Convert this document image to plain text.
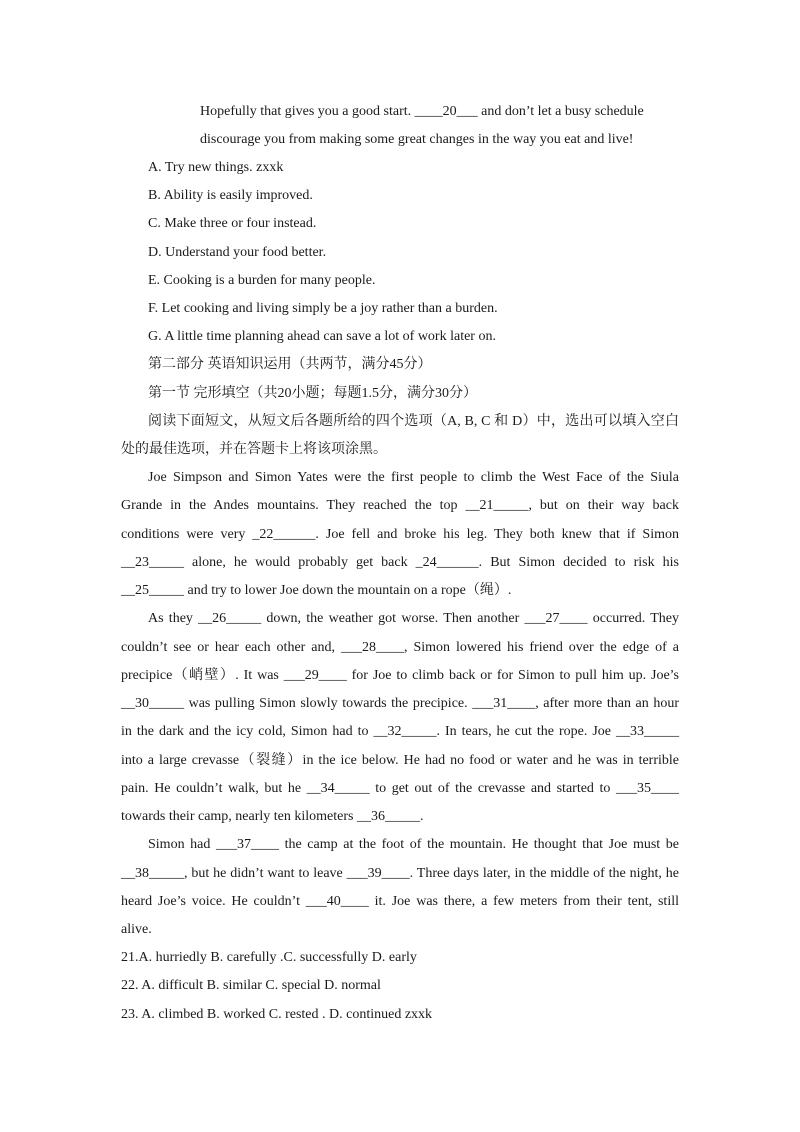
Hopefully that gives you a good start. ____20___ and don’t let a busy schedule
discourage you from making some great changes in the way you eat and live!
A. Try new things. zxxk
B. Ability is easily improved.
C. Make three or four instead.
D. Understand your food better.
E. Cooking is a burden for many people.
F. Let cooking and living simply be a joy rather than a burden.
G. A little time planning ahead can save a lot of work later on.
第二部分 英语知识运用（共两节，满分45分）
第一节 完形填空（共20小题；每题1.5分，满分30分）
阅读下面短文，从短文后各题所给的四个选项（A, B, C 和 D）中，选出可以填入空白
处的最佳选项，并在答题卡上将该项涂黑。
Joe Simpson and Simon Yates were the first people to climb the West Face of the Siula
Grande in the Andes mountains. They reached the top __21_____, but on their way back
conditions were very _22______. Joe fell and broke his leg. They both knew that if Simon
__23_____ alone, he would probably get back _24______. But Simon decided to risk his
__25_____ and try to lower Joe down the mountain on a rope（绳）.
As they __26_____ down, the weather got worse. Then another ___27____ occurred. They
couldn’t see or hear each other and, ___28____, Simon lowered his friend over the edge of a
precipice（峭壁）. It was ___29____ for Joe to climb back or for Simon to pull him up. Joe’s
__30_____ was pulling Simon slowly towards the precipice. ___31____, after more than an hour
in the dark and the icy cold, Simon had to __32_____. In tears, he cut the rope. Joe __33_____
into a large crevasse（裂缝）in the ice below. He had no food or water and he was in terrible
pain. He couldn’t walk, but he __34_____ to get out of the crevasse and started to ___35____
towards their camp, nearly ten kilometers __36_____.
Simon had ___37____ the camp at the foot of the mountain. He thought that Joe must be
__38_____, but he didn’t want to leave ___39____. Three days later, in the middle of the night, he
heard Joe’s voice. He couldn’t ___40____ it. Joe was there, a few meters from their tent, still
alive.
21.A. hurriedly B. carefully .C. successfully D. early
22. A. difficult B. similar C. special D. normal
23. A. climbed B. worked C. rested . D. continued zxxk
